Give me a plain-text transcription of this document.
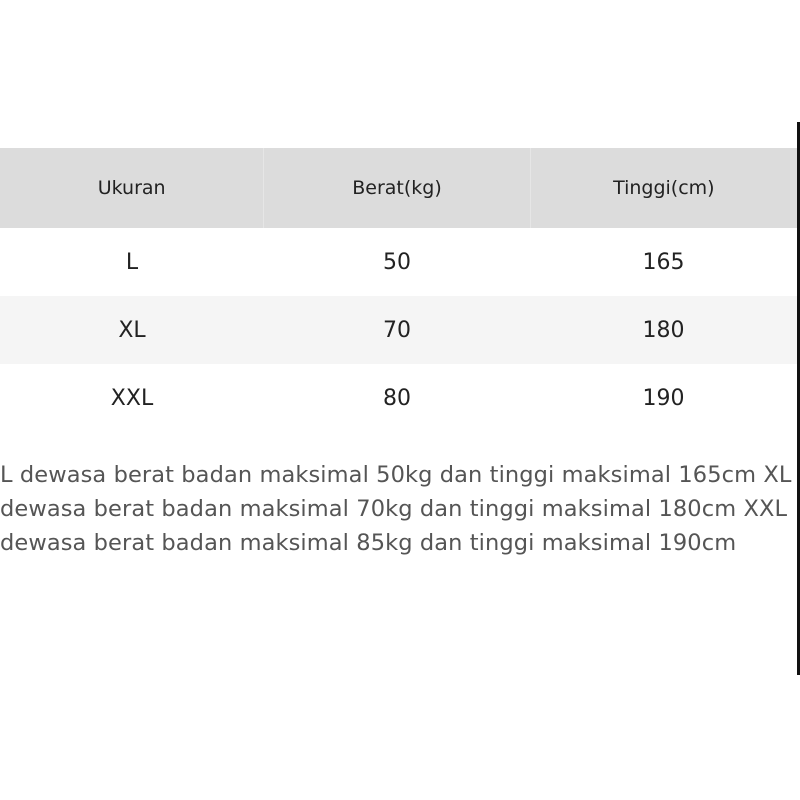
Ukuran	Berat(kg)	Tinggi(cm)
L	50	165
XL	70	180
XXL	80	190

L dewasa berat badan maksimal 50kg dan tinggi maksimal 165cm XL dewasa berat badan maksimal 70kg dan tinggi maksimal 180cm XXL dewasa berat badan maksimal 85kg dan tinggi maksimal 190cm
